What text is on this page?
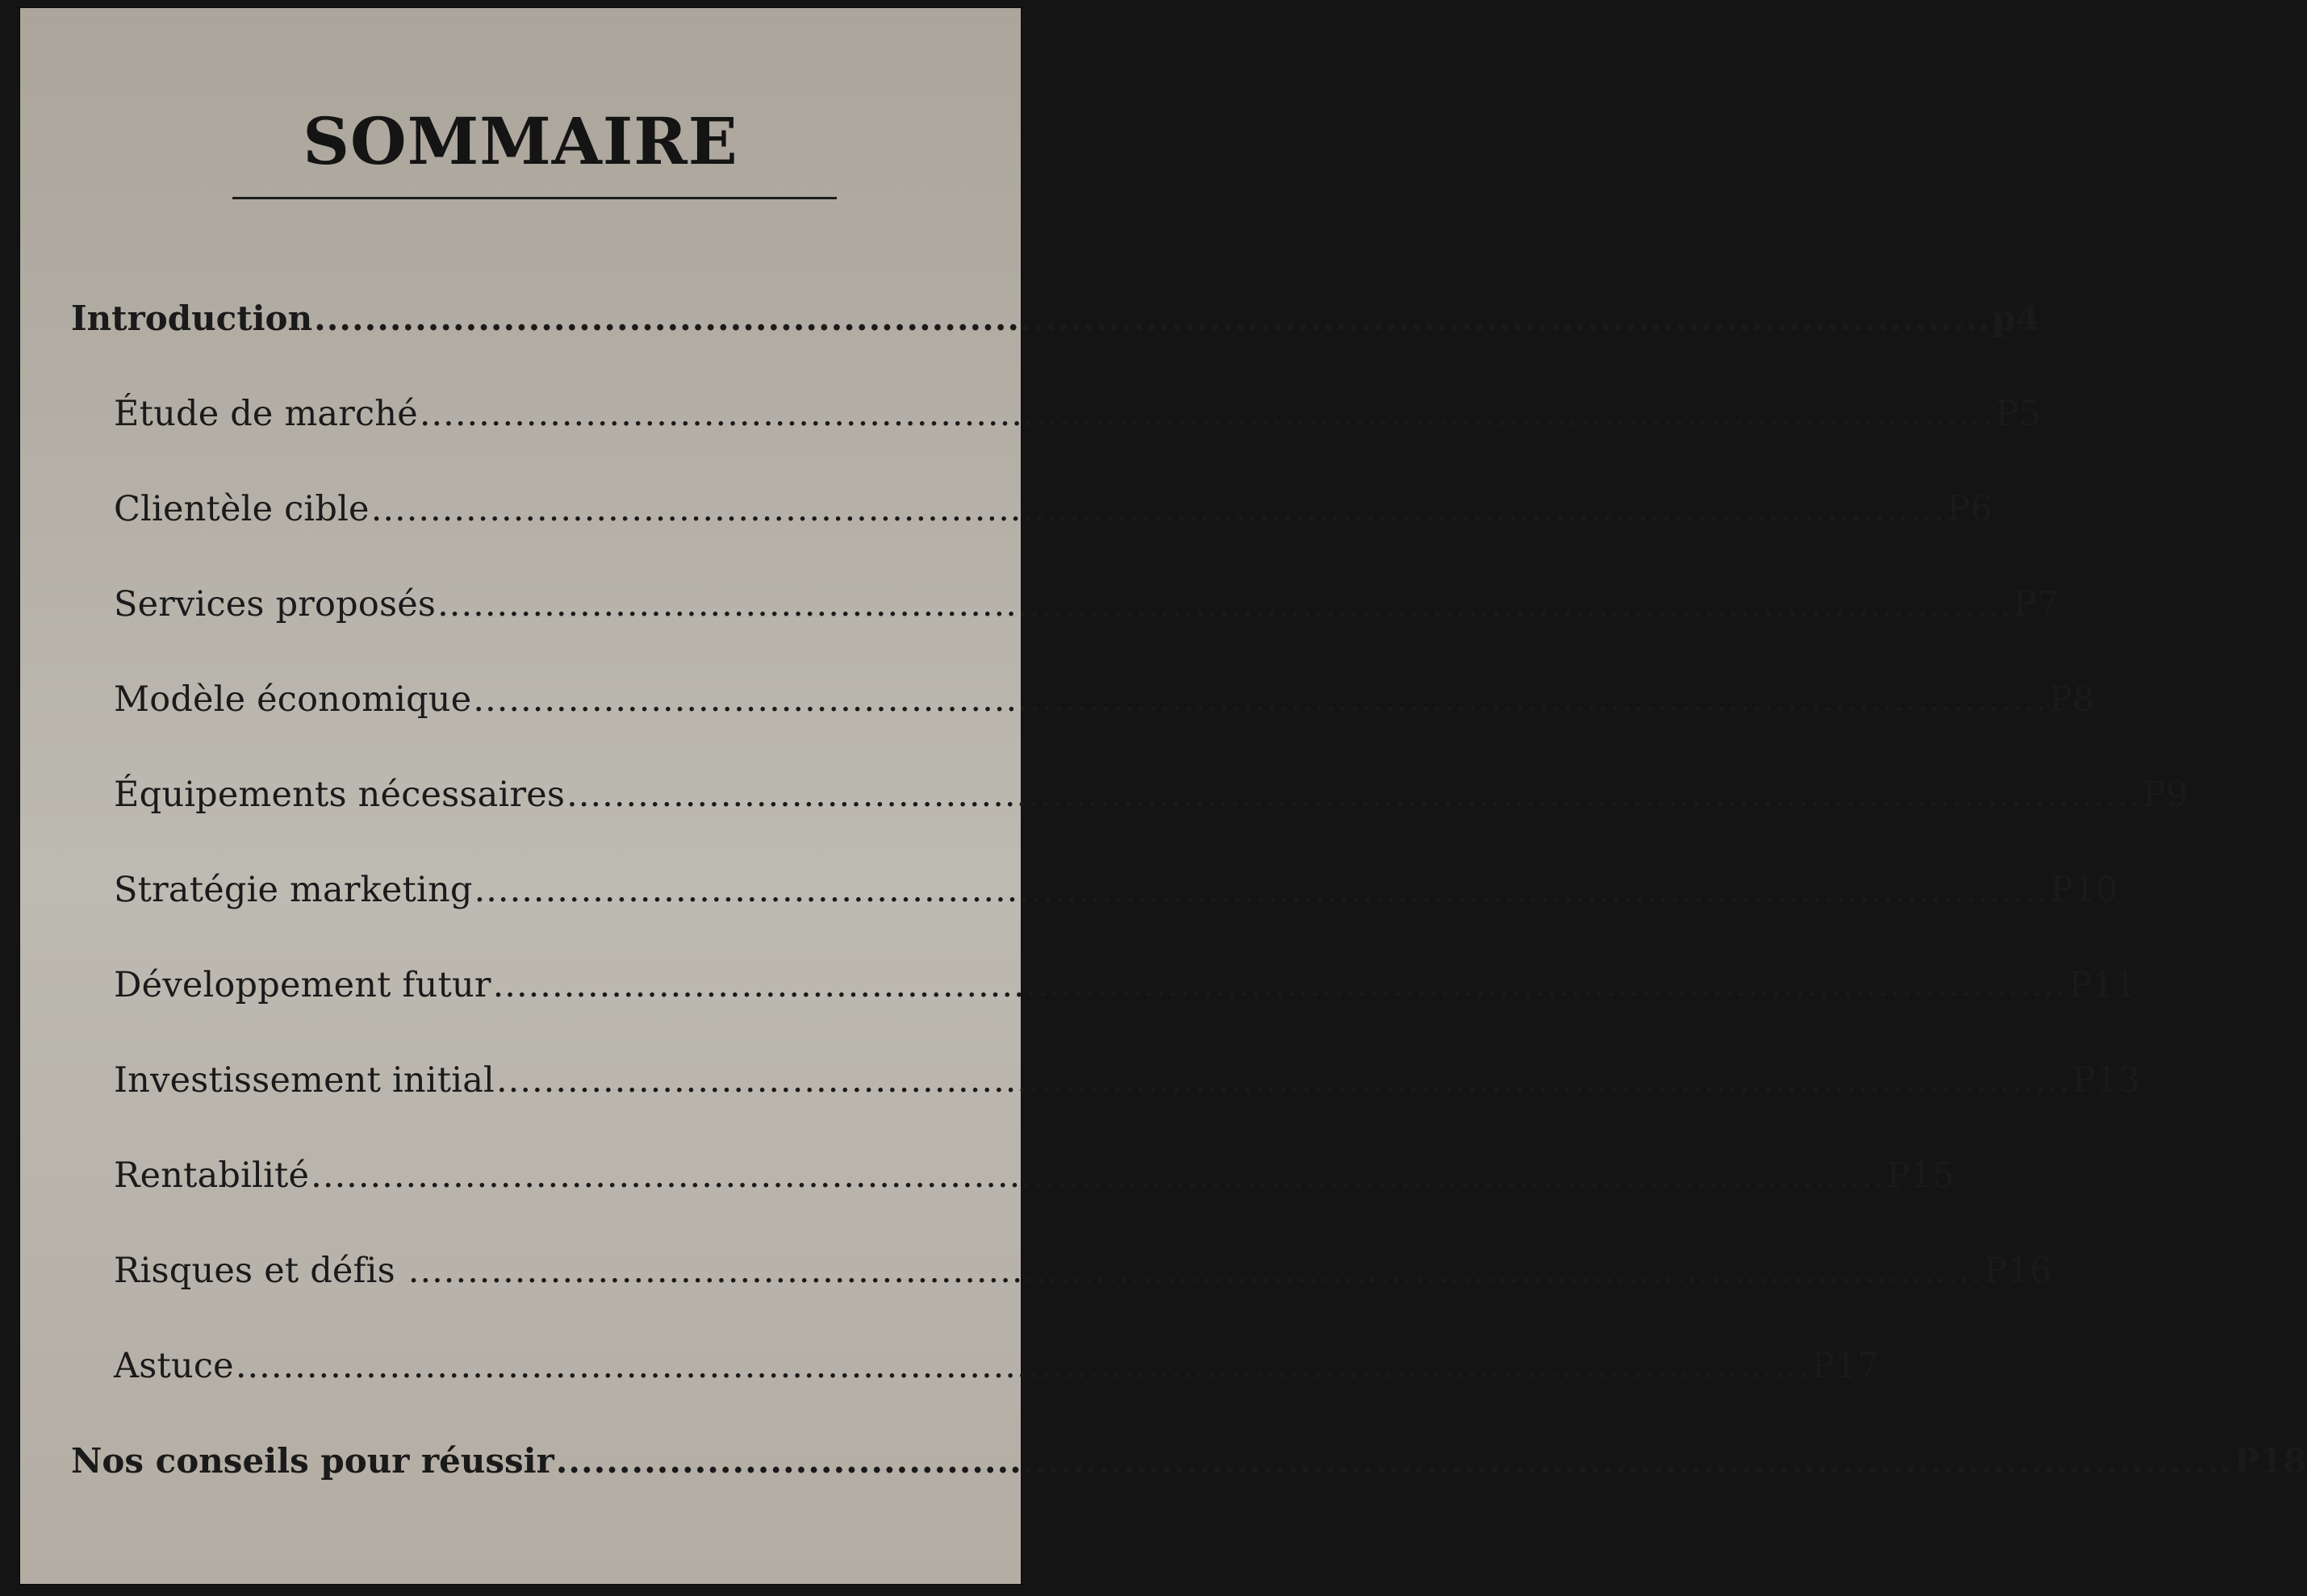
SOMMAIRE
Introduction ..................................................................................................................................... p4
Étude de marché ..................................................................................................................................... P5
Clientèle cible ..................................................................................................................................... P6
Services proposés ..................................................................................................................................... P7
Modèle économique ..................................................................................................................................... P8
Équipements nécessaires ..................................................................................................................................... P9
Stratégie marketing ..................................................................................................................................... P10
Développement futur ..................................................................................................................................... P11
Investissement initial ..................................................................................................................................... P13
Rentabilité ..................................................................................................................................... P15
Risques et défis ..................................................................................................................................... P16
Astuce ..................................................................................................................................... P17
Nos conseils pour réussir ..................................................................................................................................... P18
